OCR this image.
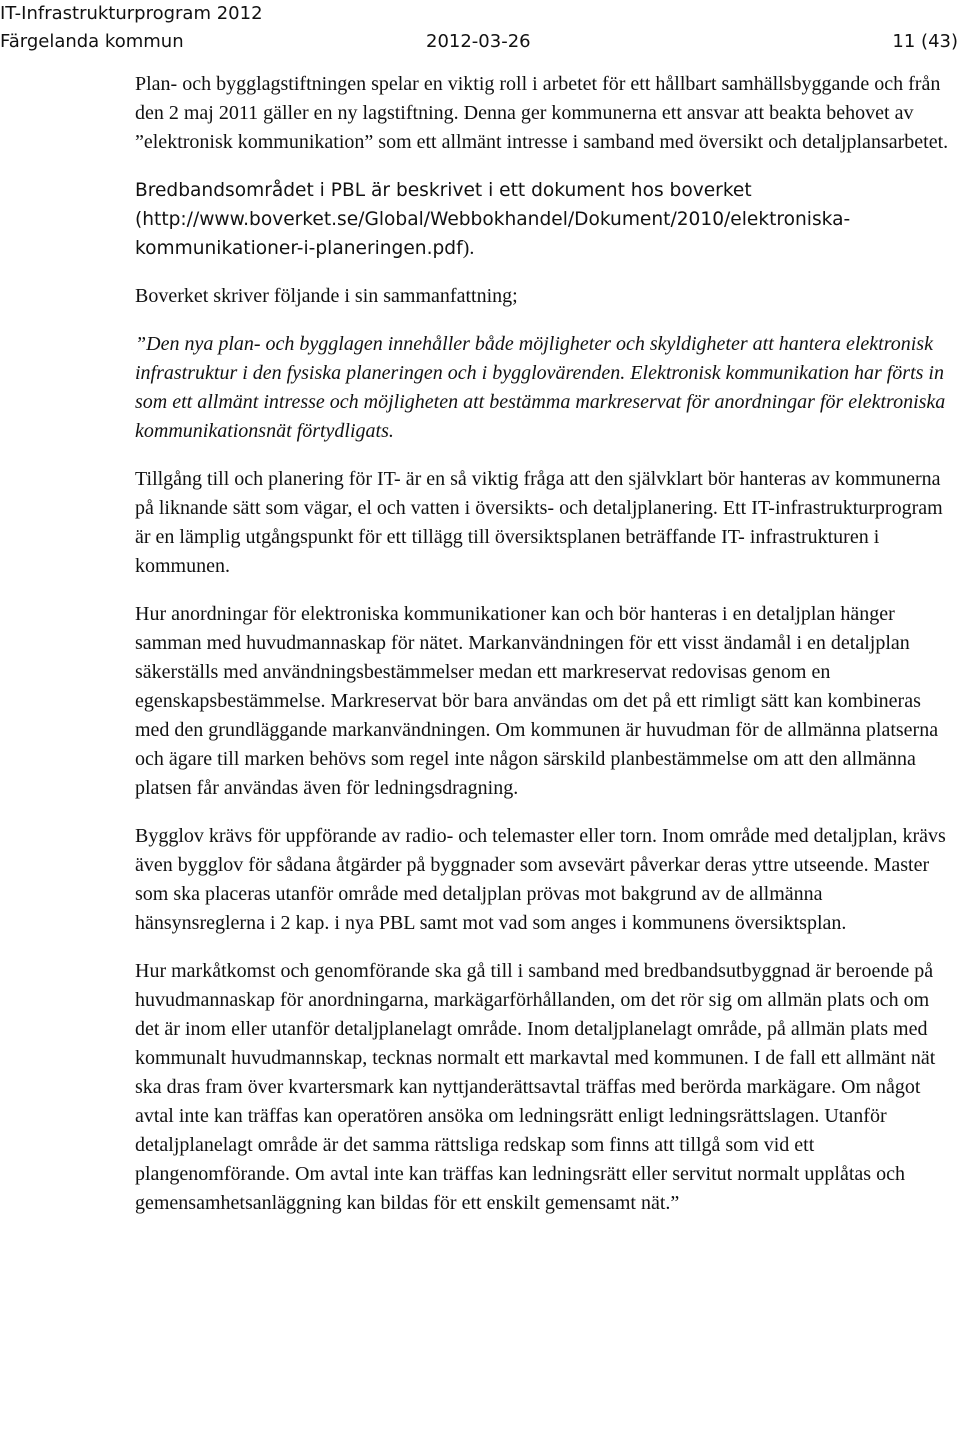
IT-Infrastrukturprogram 2012
Färgelanda kommun	2012-03-26	11 (43)

Plan- och bygglagstiftningen spelar en viktig roll i arbetet för ett hållbart samhällsbyggande och från den 2 maj 2011 gäller en ny lagstiftning. Denna ger kommunerna ett ansvar att beakta behovet av ”elektronisk kommunikation” som ett allmänt intresse i samband med översikt och detaljplansarbetet.

Bredbandsområdet i PBL är beskrivet i ett dokument hos boverket (http://www.boverket.se/Global/Webbokhandel/Dokument/2010/elektroniska-kommunikationer-i-planeringen.pdf).

Boverket skriver följande i sin sammanfattning;

”Den nya plan- och bygglagen innehåller både möjligheter och skyldigheter att hantera elektronisk infrastruktur i den fysiska planeringen och i bygglovärenden. Elektronisk kommunikation har förts in som ett allmänt intresse och möjligheten att bestämma markreservat för anordningar för elektroniska kommunikationsnät förtydligats.

Tillgång till och planering för IT- är en så viktig fråga att den självklart bör hanteras av kommunerna på liknande sätt som vägar, el och vatten i översikts- och detaljplanering. Ett IT-infrastrukturprogram är en lämplig utgångspunkt för ett tillägg till översiktsplanen beträffande IT- infrastrukturen i kommunen.

Hur anordningar för elektroniska kommunikationer kan och bör hanteras i en detaljplan hänger samman med huvudmannaskap för nätet. Markanvändningen för ett visst ändamål i en detaljplan säkerställs med användningsbestämmelser medan ett markreservat redovisas genom en egenskapsbestämmelse. Markreservat bör bara användas om det på ett rimligt sätt kan kombineras med den grundläggande markanvändningen. Om kommunen är huvudman för de allmänna platserna och ägare till marken behövs som regel inte någon särskild planbestämmelse om att den allmänna platsen får användas även för ledningsdragning.

Bygglov krävs för uppförande av radio- och telemaster eller torn. Inom område med detaljplan, krävs även bygglov för sådana åtgärder på byggnader som avsevärt påverkar deras yttre utseende. Master som ska placeras utanför område med detaljplan prövas mot bakgrund av de allmänna hänsynsreglerna i 2 kap. i nya PBL samt mot vad som anges i kommunens översiktsplan.

Hur markåtkomst och genomförande ska gå till i samband med bredbandsutbyggnad är beroende på huvudmannaskap för anordningarna, markägarförhållanden, om det rör sig om allmän plats och om det är inom eller utanför detaljplanelagt område. Inom detaljplanelagt område, på allmän plats med kommunalt huvudmannskap, tecknas normalt ett markavtal med kommunen. I de fall ett allmänt nät ska dras fram över kvartersmark kan nyttjanderättsavtal träffas med berörda markägare. Om något avtal inte kan träffas kan operatören ansöka om ledningsrätt enligt ledningsrättslagen. Utanför detaljplanelagt område är det samma rättsliga redskap som finns att tillgå som vid ett plangenomförande. Om avtal inte kan träffas kan ledningsrätt eller servitut normalt upplåtas och gemensamhetsanläggning kan bildas för ett enskilt gemensamt nät.”
